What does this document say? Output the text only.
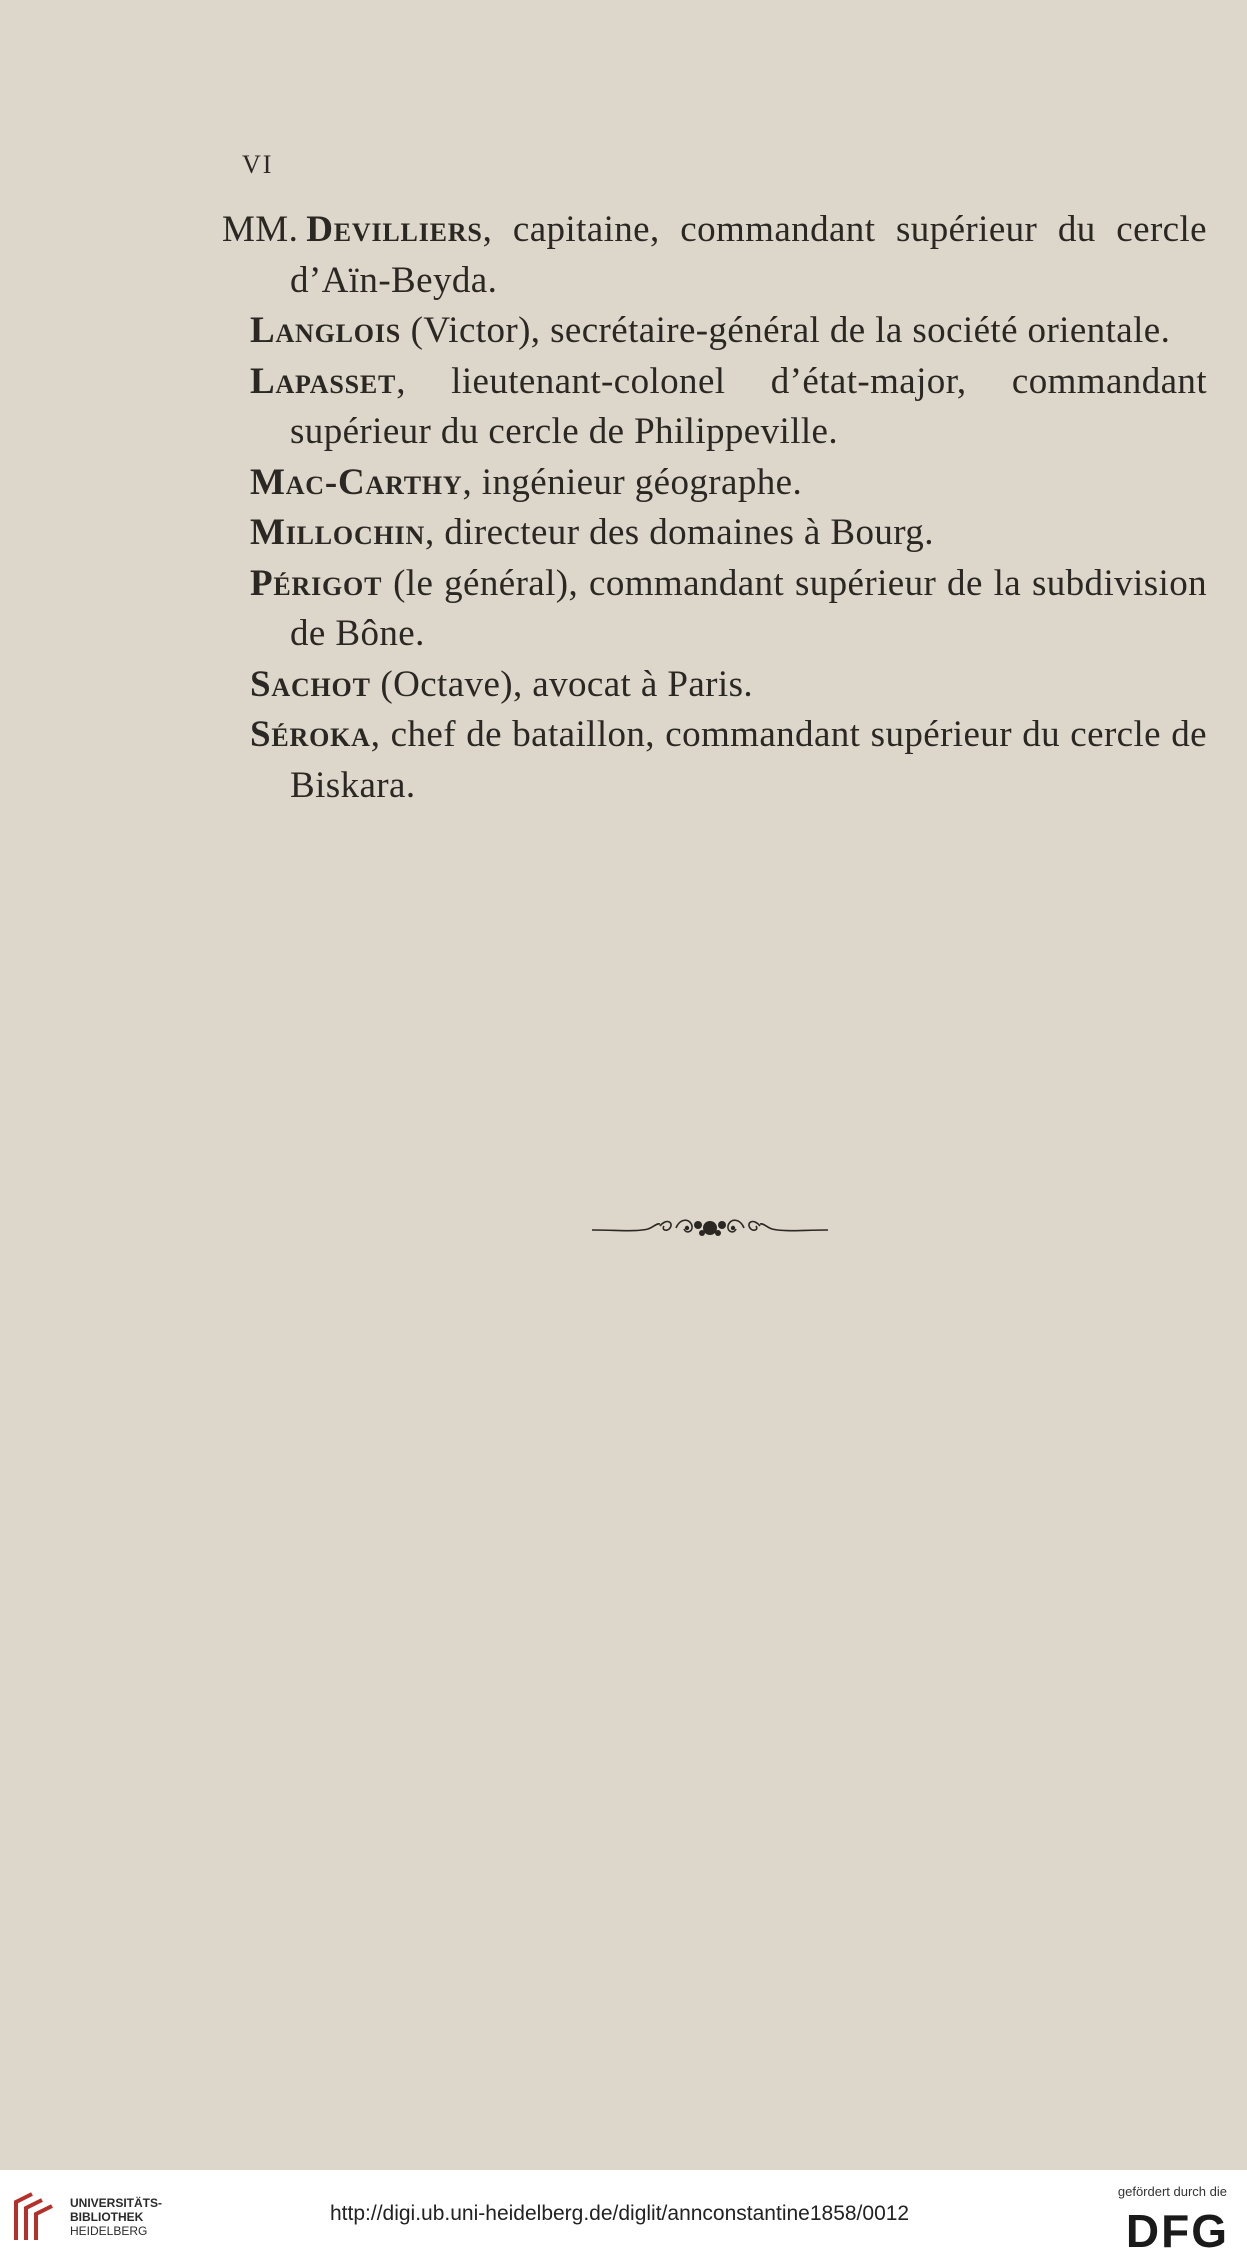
VI
MM. Devilliers, capitaine, commandant supérieur du cercle d’Aïn-Beyda.
Langlois (Victor), secrétaire-général de la société orientale.
Lapasset, lieutenant-colonel d’état-major, commandant supérieur du cercle de Philippeville.
Mac-Carthy, ingénieur géographe.
Millochin, directeur des domaines à Bourg.
Périgot (le général), commandant supérieur de la subdivision de Bône.
Sachot (Octave), avocat à Paris.
Séroka, chef de bataillon, commandant supérieur du cercle de Biskara.
UNIVERSITÄTS-
BIBLIOTHEK
HEIDELBERG
http://digi.ub.uni-heidelberg.de/diglit/annconstantine1858/0012
gefördert durch die
DFG
